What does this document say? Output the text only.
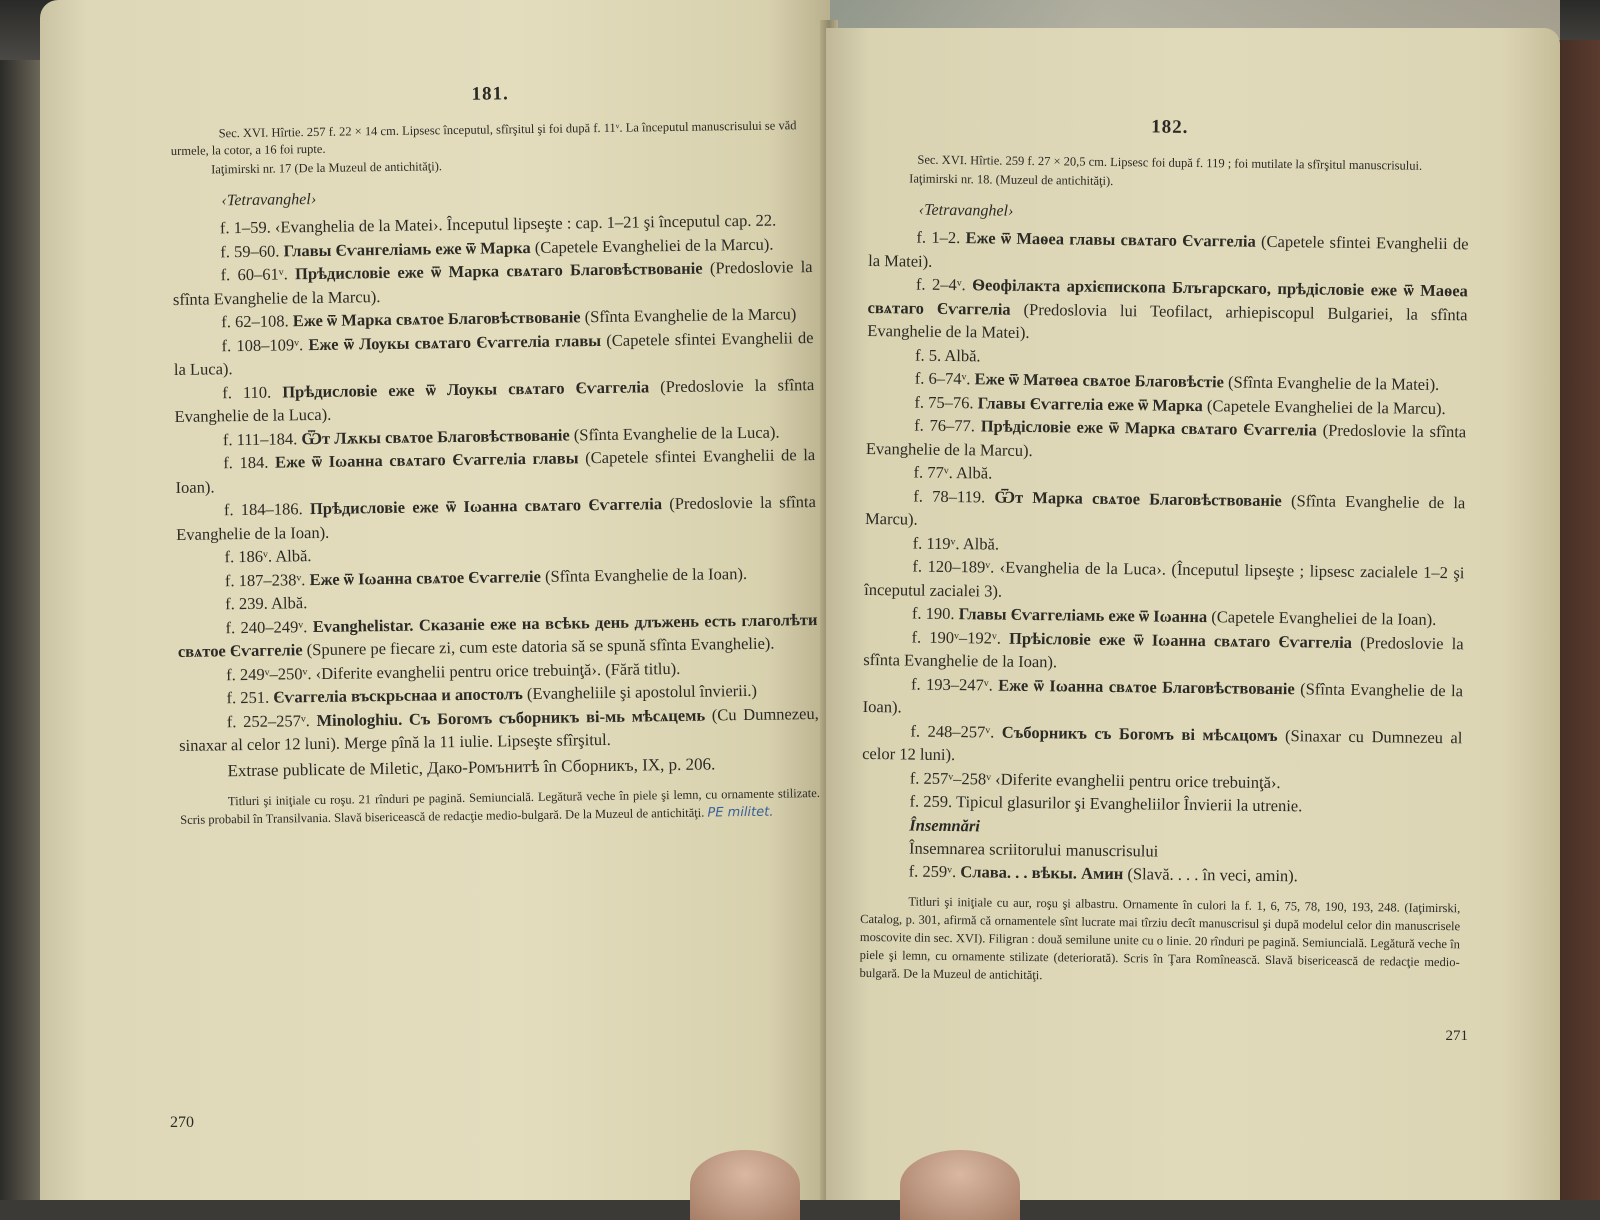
181.

Sec. XVI. Hîrtie. 257 f. 22 × 14 cm. Lipsesc începutul, sfîrşitul şi foi după f. 11ᵛ. La începutul manuscrisului se văd urmele, la cotor, a 16 foi rupte.

Iaţimirski nr. 17 (De la Muzeul de antichităţi).

‹Tetravanghel›

f. 1–59. ‹Evanghelia de la Matei›. Începutul lipseşte : cap. 1–21 şi începutul cap. 22.

f. 59–60. Главы Єѵангеліамь еже ѿ Марка (Capetele Evangheliei de la Marcu).

f. 60–61ᵛ. Прѣдисловіе еже ѿ Марка свѧтаго Благовѣствованіе (Predoslovie la sfînta Evanghelie de la Marcu).

f. 62–108. Еже ѿ Марка свѧтое Благовѣствованіе (Sfînta Evanghelie de la Marcu)

f. 108–109ᵛ. Еже ѿ Лоукы свѧтаго Єѵаггеліа главы (Capetele sfintei Evanghelii de la Luca).

f. 110. Прѣдисловіе еже ѿ Лоукы свѧтаго Єѵаггеліа (Predoslovie la sfînta Evanghelie de la Luca).

f. 111–184. Ѿт Лѫкы свѧтое Благовѣствованіе (Sfînta Evanghelie de la Luca).

f. 184. Еже ѿ Іωанна свѧтаго Єѵаггеліа главы (Capetele sfintei Evanghelii de la Ioan).

f. 184–186. Прѣдисловіе еже ѿ Іωанна свѧтаго Єѵаггеліа (Predoslovie la sfînta Evanghelie de la Ioan).

f. 186ᵛ. Albă.

f. 187–238ᵛ. Еже ѿ Іωанна свѧтое Єѵаггеліе (Sfînta Evanghelie de la Ioan).

f. 239. Albă.

f. 240–249ᵛ. Evanghelistar. Сказаніе еже на всѣкь день длъжень есть глаголѣти свѧтое Єѵаггеліе (Spunere pe fiecare zi, cum este datoria să se spună sfînta Evanghelie).

f. 249ᵛ–250ᵛ. ‹Diferite evanghelii pentru orice trebuinţă›. (Fără titlu).

f. 251. Єѵаггеліа въскрьснаа и апостолъ (Evangheliile şi apostolul învierii.)

f. 252–257ᵛ. Minologhiu. Съ Богомъ съборникъ ві-мь мѣсѧцемь (Cu Dumnezeu, sinaxar al celor 12 luni). Merge pînă la 11 iulie. Lipseşte sfîrşitul.

Extrase publicate de Miletic, Дако-Ромънитѣ în Сборникъ, IX, p. 206.

Titluri şi iniţiale cu roşu. 21 rînduri pe pagină. Semiuncială. Legătură veche în piele şi lemn, cu ornamente stilizate. Scris probabil în Transilvania. Slavă bisericească de redacţie medio-bulgară. De la Muzeul de antichităţi. PE militet.

270
182.

Sec. XVI. Hîrtie. 259 f. 27 × 20,5 cm. Lipsesc foi după f. 119 ; foi mutilate la sfîrşitul manuscrisului.

Iaţimirski nr. 18. (Muzeul de antichităţi).

‹Tetravanghel›

f. 1–2. Еже ѿ Маѳеа главы свѧтаго Єѵаггеліа (Capetele sfintei Evanghelii de la Matei).

f. 2–4ᵛ. Ѳеофілакта архієпископа Блъгарскаго, прѣдісловіе еже ѿ Маѳеа свѧтаго Єѵаггеліа (Predoslovia lui Teofilact, arhiepiscopul Bulgariei, la sfînta Evanghelie de la Matei).

f. 5. Albă.

f. 6–74ᵛ. Еже ѿ Матѳеа свѧтое Благовѣстіе (Sfînta Evanghelie de la Matei).

f. 75–76. Главы Єѵаггеліа еже ѿ Марка (Capetele Evangheliei de la Marcu).

f. 76–77. Прѣдісловіе еже ѿ Марка свѧтаго Єѵаггеліа (Predoslovie la sfînta Evanghelie de la Marcu).

f. 77ᵛ. Albă.

f. 78–119. Ѿт Марка свѧтое Благовѣствованіе (Sfînta Evanghelie de la Marcu).

f. 119ᵛ. Albă.

f. 120–189ᵛ. ‹Evanghelia de la Luca›. (Începutul lipseşte ; lipsesc zacialele 1–2 şi începutul zacialei 3).

f. 190. Главы Єѵаггеліамь еже ѿ Іωанна (Capetele Evangheliei de la Ioan).

f. 190ᵛ–192ᵛ. Прѣісловіе еже ѿ Іωанна свѧтаго Єѵаггеліа (Predoslovie la sfînta Evanghelie de la Ioan).

f. 193–247ᵛ. Еже ѿ Іωанна свѧтое Благовѣствованіе (Sfînta Evanghelie de la Ioan).

f. 248–257ᵛ. Съборникъ съ Богомъ ві мѣсѧцомъ (Sinaxar cu Dumnezeu al celor 12 luni).

f. 257ᵛ–258ᵛ ‹Diferite evanghelii pentru orice trebuinţă›.

f. 259. Tipicul glasurilor şi Evangheliilor Învierii la utrenie.

Însemnări
Însemnarea scriitorului manuscrisului

f. 259ᵛ. Слава. . . вѣкы. Амин (Slavă. . . . în veci, amin).

Titluri şi iniţiale cu aur, roşu şi albastru. Ornamente în culori la f. 1, 6, 75, 78, 190, 193, 248. (Iaţimirski, Catalog, p. 301, afirmă că ornamentele sînt lucrate mai tîrziu decît manuscrisul şi după modelul celor din manuscrisele moscovite din sec. XVI). Filigran : două semilune unite cu o linie. 20 rînduri pe pagină. Semiuncială. Legătură veche în piele şi lemn, cu ornamente stilizate (deteriorată). Scris în Ţara Romînească. Slavă bisericească de redacţie medio-bulgară. De la Muzeul de antichităţi.

271
